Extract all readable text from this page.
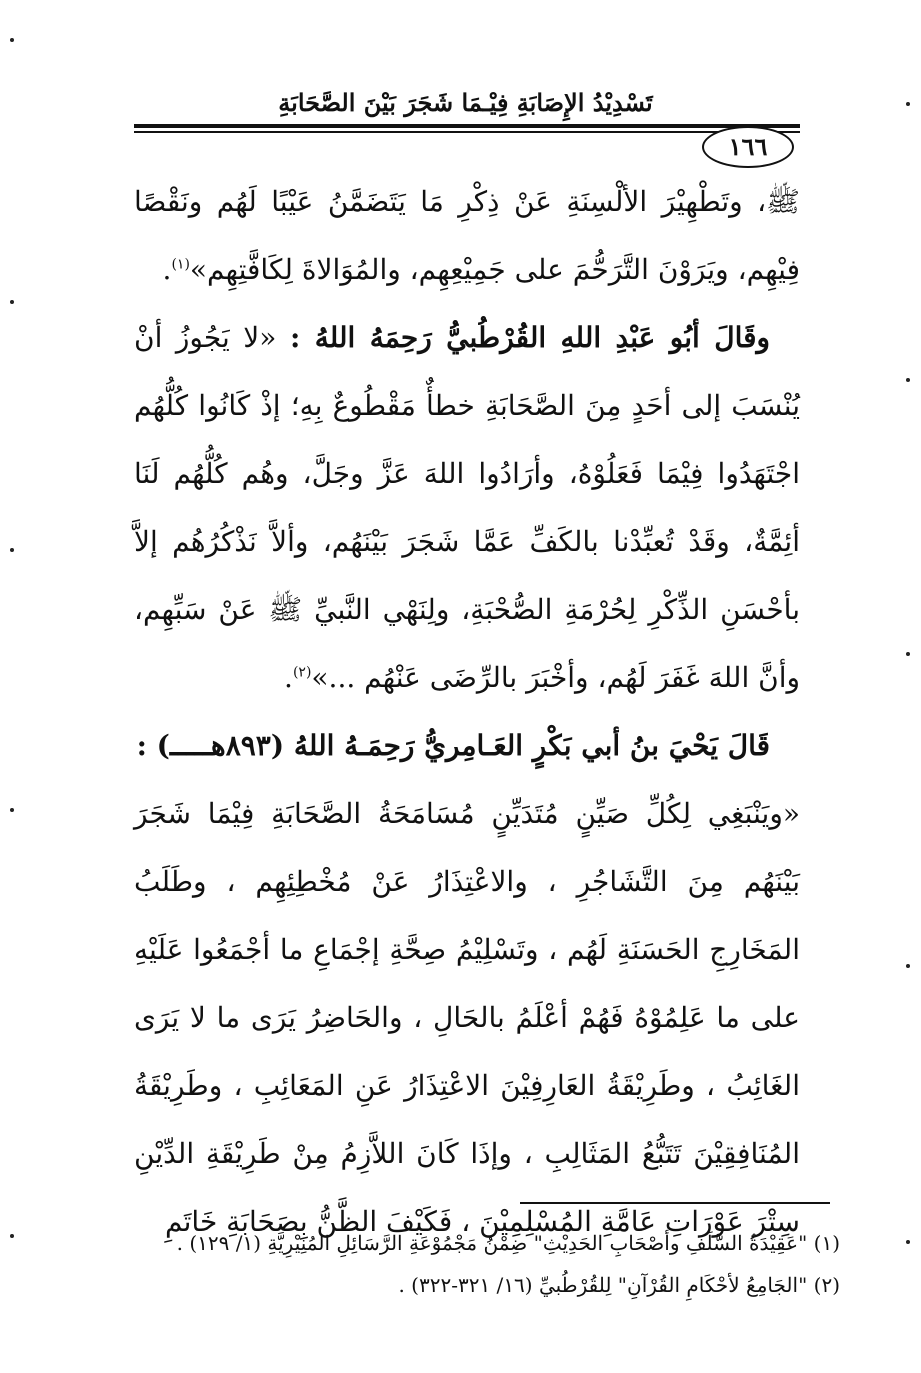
تَسْدِيْدُ الإِصَابَةِ فِيْـمَا شَجَرَ بَيْنَ الصَّحَابَةِ
١٦٦

ﷺ، وتَطْهِيْرَ الألْسِنَةِ عَنْ ذِكْرِ مَا يَتَضَمَّنُ عَيْبًا لَهُم ونَقْصًا فِيْهِم، ويَرَوْنَ التَّرَحُّمَ على جَمِيْعِهِم، والمُوَالاةَ لِكَافَّتِهِم»$^{(١)}$.

وقَالَ أبُو عَبْدِ اللهِ القُرْطُبيُّ رَحِمَهُ اللهُ : «لا يَجُوزُ أنْ يُنْسَبَ إلى أحَدٍ مِنَ الصَّحَابَةِ خطأٌ مَقْطُوعٌ بِهِ؛ إذْ كَانُوا كُلُّهُم اجْتَهَدُوا فِيْمَا فَعَلُوْهُ، وأرَادُوا اللهَ عَزَّ وجَلَّ، وهُم كُلُّهُم لَنَا أئِمَّةٌ، وقَدْ تُعبِّدْنا بالكَفِّ عَمَّا شَجَرَ بَيْنَهُم، وألاَّ نَذْكُرُهُم إلاَّ بأحْسَنِ الذِّكْرِ لِحُرْمَةِ الصُّحْبَةِ، ولِنَهْي النَّبيِّ ﷺ عَنْ سَبِّهِم، وأنَّ اللهَ غَفَرَ لَهُم، وأخْبَرَ بالرِّضَى عَنْهُم ...»$^{(٢)}$.

قَالَ يَحْيَ بنُ أبي بَكْرٍ العَـامِريُّ رَحِمَـهُ اللهُ (٨٩٣هـــــ) :

«ويَنْبَغِي لِكُلِّ صَيِّنٍ مُتَدَيِّنٍ مُسَامَحَةُ الصَّحَابَةِ فِيْمَا شَجَرَ بَيْنَهُم مِنَ التَّشَاجُرِ ، والاعْتِذَارُ عَنْ مُخْطِئِهِم ، وطَلَبُ المَخَارِجِ الحَسَنَةِ لَهُم ، وتَسْلِيْمُ صِحَّةِ إجْمَاعِ ما أجْمَعُوا عَلَيْهِ على ما عَلِمُوْهُ فَهُمْ أعْلَمُ بالحَالِ ، والحَاضِرُ يَرَى ما لا يَرَى الغَائِبُ ، وطَرِيْقَةُ العَارِفِيْنَ الاعْتِذَارُ عَنِ المَعَائِبِ ، وطَرِيْقَةُ المُنَافِقِيْنَ تَتَبُّعُ المَثَالِبِ ، وإذَا كَانَ اللاَّزِمُ مِنْ طَرِيْقَةِ الدِّيْنِ سِتْرَ عَوْرَاتِ عَامَّةِ المُسْلِمِيْنَ ، فَكَيْفَ الظَّنُّ بِصَحَابَةِ خَاتَمِ

(١) "عَقِيْدَةُ السَّلَفِ وأصْحَابِ الحَدِيْثِ" ضِمْنُ مَجْمُوْعَةِ الرَّسَائِلِ المُنِيْرِيَّةِ (١/ ١٢٩) .

(٢) "الجَامِعُ لأحْكَامِ القُرْآنِ" لِلقُرْطُبيِّ (١٦/ ٣٢١-٣٢٢) .
